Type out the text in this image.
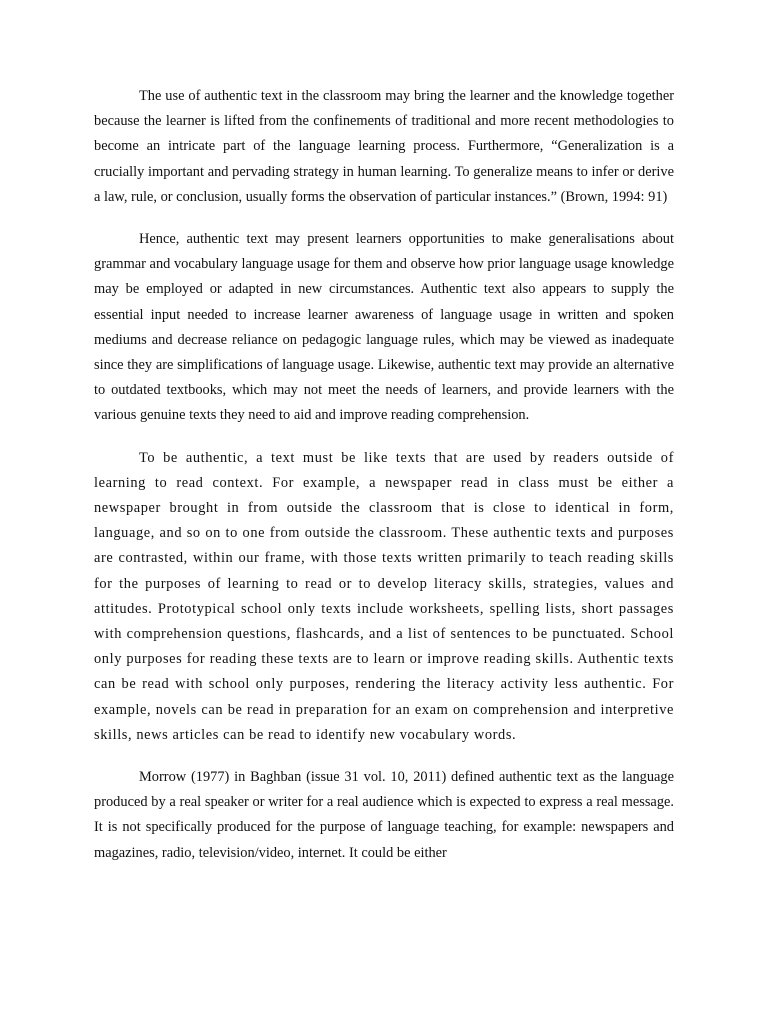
The use of authentic text in the classroom may bring the learner and the knowledge together because the learner is lifted from the confinements of traditional and more recent methodologies to become an intricate part of the language learning process. Furthermore, “Generalization is a crucially important and pervading strategy in human learning. To generalize means to infer or derive a law, rule, or conclusion, usually forms the observation of particular instances.” (Brown, 1994: 91)

Hence, authentic text may present learners opportunities to make generalisations about grammar and vocabulary language usage for them and observe how prior language usage knowledge may be employed or adapted in new circumstances. Authentic text also appears to supply the essential input needed to increase learner awareness of language usage in written and spoken mediums and decrease reliance on pedagogic language rules, which may be viewed as inadequate since they are simplifications of language usage. Likewise, authentic text may provide an alternative to outdated textbooks, which may not meet the needs of learners, and provide learners with the various genuine texts they need to aid and improve reading comprehension.

To be authentic, a text must be like texts that are used by readers outside of learning to read context. For example, a newspaper read in class must be either a newspaper brought in from outside the classroom that is close to identical in form, language, and so on to one from outside the classroom. These authentic texts and purposes are contrasted, within our frame, with those texts written primarily to teach reading skills for the purposes of learning to read or to develop literacy skills, strategies, values and attitudes. Prototypical school only texts include worksheets, spelling lists, short passages with comprehension questions, flashcards, and a list of sentences to be punctuated. School only purposes for reading these texts are to learn or improve reading skills. Authentic texts can be read with school only purposes, rendering the literacy activity less authentic. For example, novels can be read in preparation for an exam on comprehension and interpretive skills, news articles can be read to identify new vocabulary words.

Morrow (1977) in Baghban (issue 31 vol. 10, 2011) defined authentic text as the language produced by a real speaker or writer for a real audience which is expected to express a real message. It is not specifically produced for the purpose of language teaching, for example: newspapers and magazines, radio, television/video, internet. It could be either
